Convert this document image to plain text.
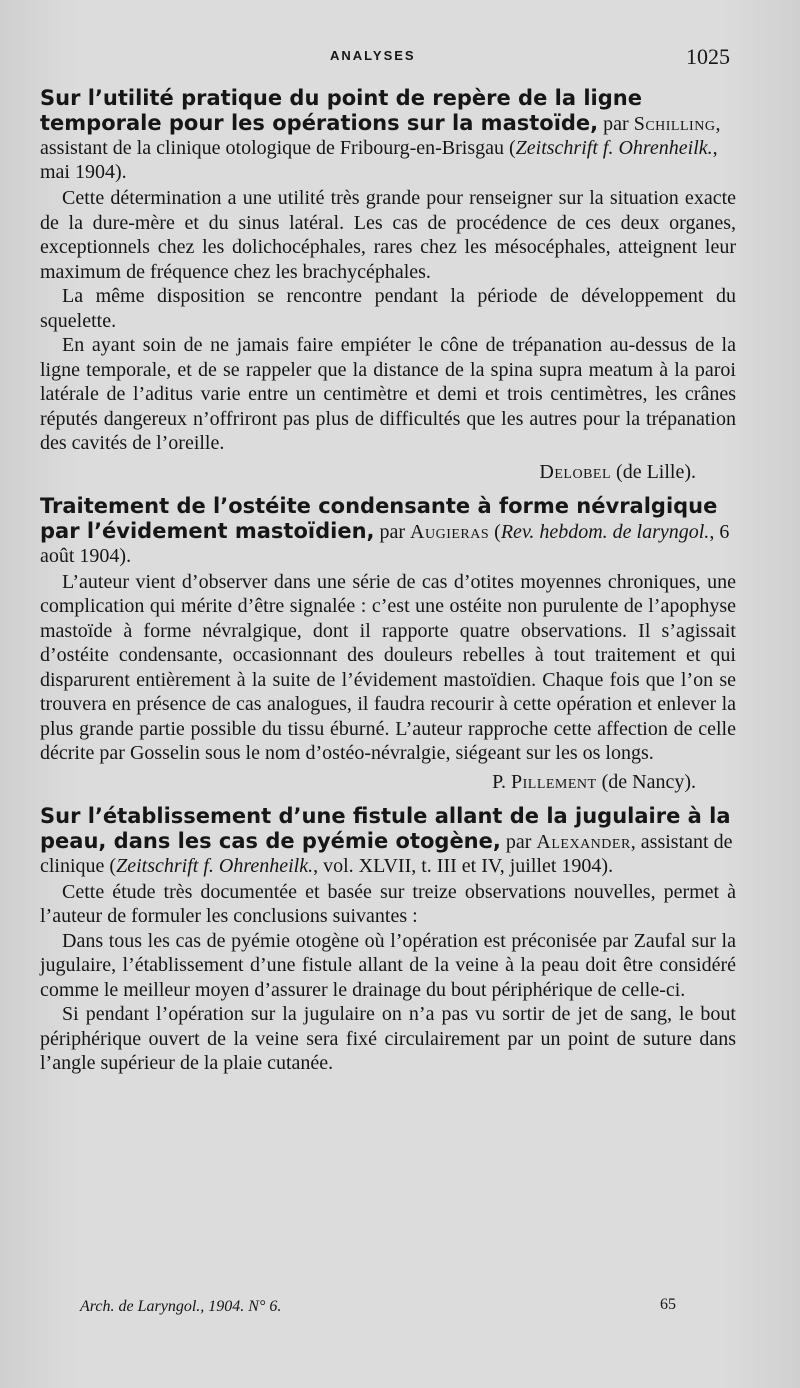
ANALYSES	1025
Sur l’utilité pratique du point de repère de la ligne temporale pour les opérations sur la mastoïde, par Schilling, assistant de la clinique otologique de Fribourg-en-Brisgau (Zeitschrift f. Ohrenheilk., mai 1904).

Cette détermination a une utilité très grande pour renseigner sur la situation exacte de la dure-mère et du sinus latéral. Les cas de procédence de ces deux organes, exceptionnels chez les dolichocéphales, rares chez les mésocéphales, atteignent leur maximum de fréquence chez les brachycéphales.

La même disposition se rencontre pendant la période de développement du squelette.

En ayant soin de ne jamais faire empiéter le cône de trépanation au-dessus de la ligne temporale, et de se rappeler que la distance de la spina supra meatum à la paroi latérale de l’aditus varie entre un centimètre et demi et trois centimètres, les crânes réputés dangereux n’offriront pas plus de difficultés que les autres pour la trépanation des cavités de l’oreille.

Delobel (de Lille).
Traitement de l’ostéite condensante à forme névralgique par l’évidement mastoïdien, par Augieras (Rev. hebdom. de laryngol., 6 août 1904).

L’auteur vient d’observer dans une série de cas d’otites moyennes chroniques, une complication qui mérite d’être signalée : c’est une ostéite non purulente de l’apophyse mastoïde à forme névralgique, dont il rapporte quatre observations. Il s’agissait d’ostéite condensante, occasionnant des douleurs rebelles à tout traitement et qui disparurent entièrement à la suite de l’évidement mastoïdien. Chaque fois que l’on se trouvera en présence de cas analogues, il faudra recourir à cette opération et enlever la plus grande partie possible du tissu éburné. L’auteur rapproche cette affection de celle décrite par Gosselin sous le nom d’ostéo-névralgie, siégeant sur les os longs.

P. Pillement (de Nancy).
Sur l’établissement d’une fistule allant de la jugulaire à la peau, dans les cas de pyémie otogène, par Alexander, assistant de clinique (Zeitschrift f. Ohrenheilk., vol. XLVII, t. III et IV, juillet 1904).

Cette étude très documentée et basée sur treize observations nouvelles, permet à l’auteur de formuler les conclusions suivantes :

Dans tous les cas de pyémie otogène où l’opération est préconisée par Zaufal sur la jugulaire, l’établissement d’une fistule allant de la veine à la peau doit être considéré comme le meilleur moyen d’assurer le drainage du bout périphérique de celle-ci.

Si pendant l’opération sur la jugulaire on n’a pas vu sortir de jet de sang, le bout périphérique ouvert de la veine sera fixé circulairement par un point de suture dans l’angle supérieur de la plaie cutanée.

Arch. de Laryngol., 1904. N° 6.	65
